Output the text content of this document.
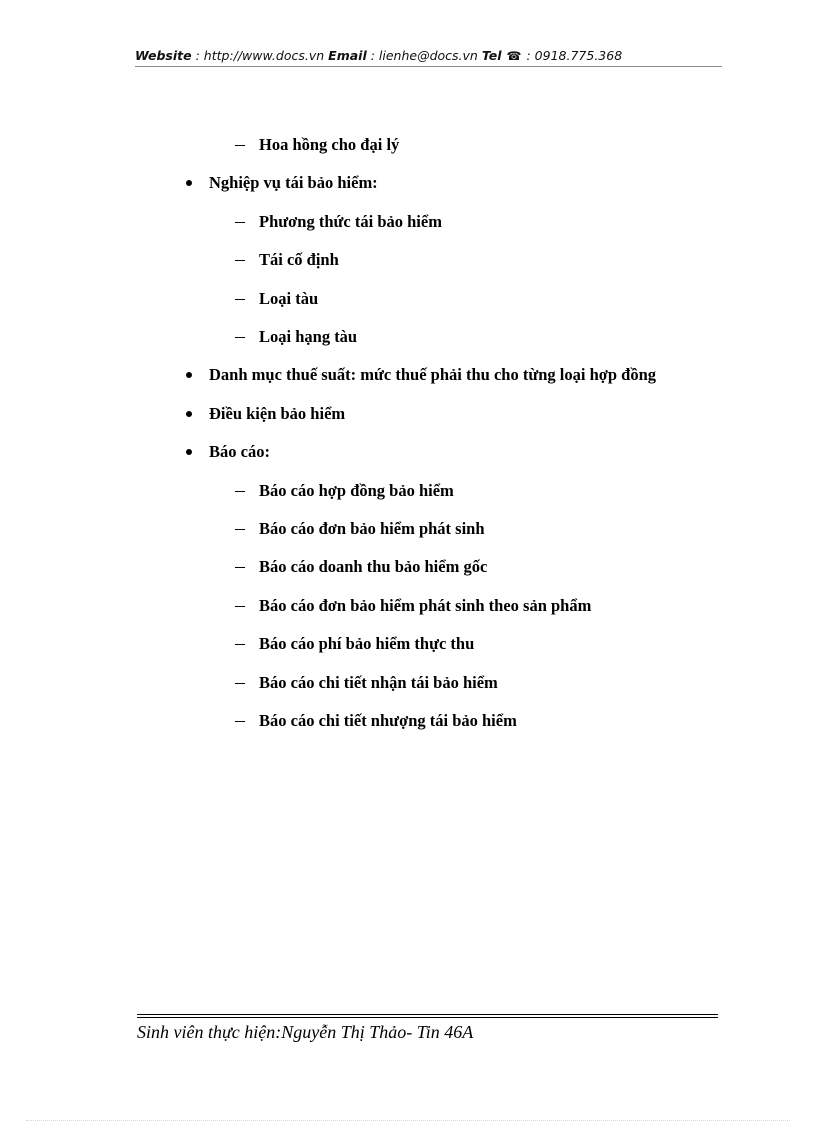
Website : http://www.docs.vn Email : lienhe@docs.vn Tel ☎ : 0918.775.368
Hoa hồng cho đại lý
Nghiệp vụ tái bảo hiểm:
Phương thức tái bảo hiểm
Tái cố định
Loại tàu
Loại hạng tàu
Danh mục thuế suất: mức thuế phải thu cho từng loại hợp đồng
Điều kiện bảo hiểm
Báo cáo:
Báo cáo hợp đồng bảo hiểm
Báo cáo đơn bảo hiểm phát sinh
Báo cáo doanh thu bảo hiểm gốc
Báo cáo đơn bảo hiểm phát sinh theo sản phẩm
Báo cáo phí bảo hiểm thực thu
Báo cáo chi tiết nhận tái bảo hiểm
Báo cáo chi tiết nhượng tái bảo hiểm
Sinh viên thực hiện:Nguyễn Thị Thảo- Tin 46A
